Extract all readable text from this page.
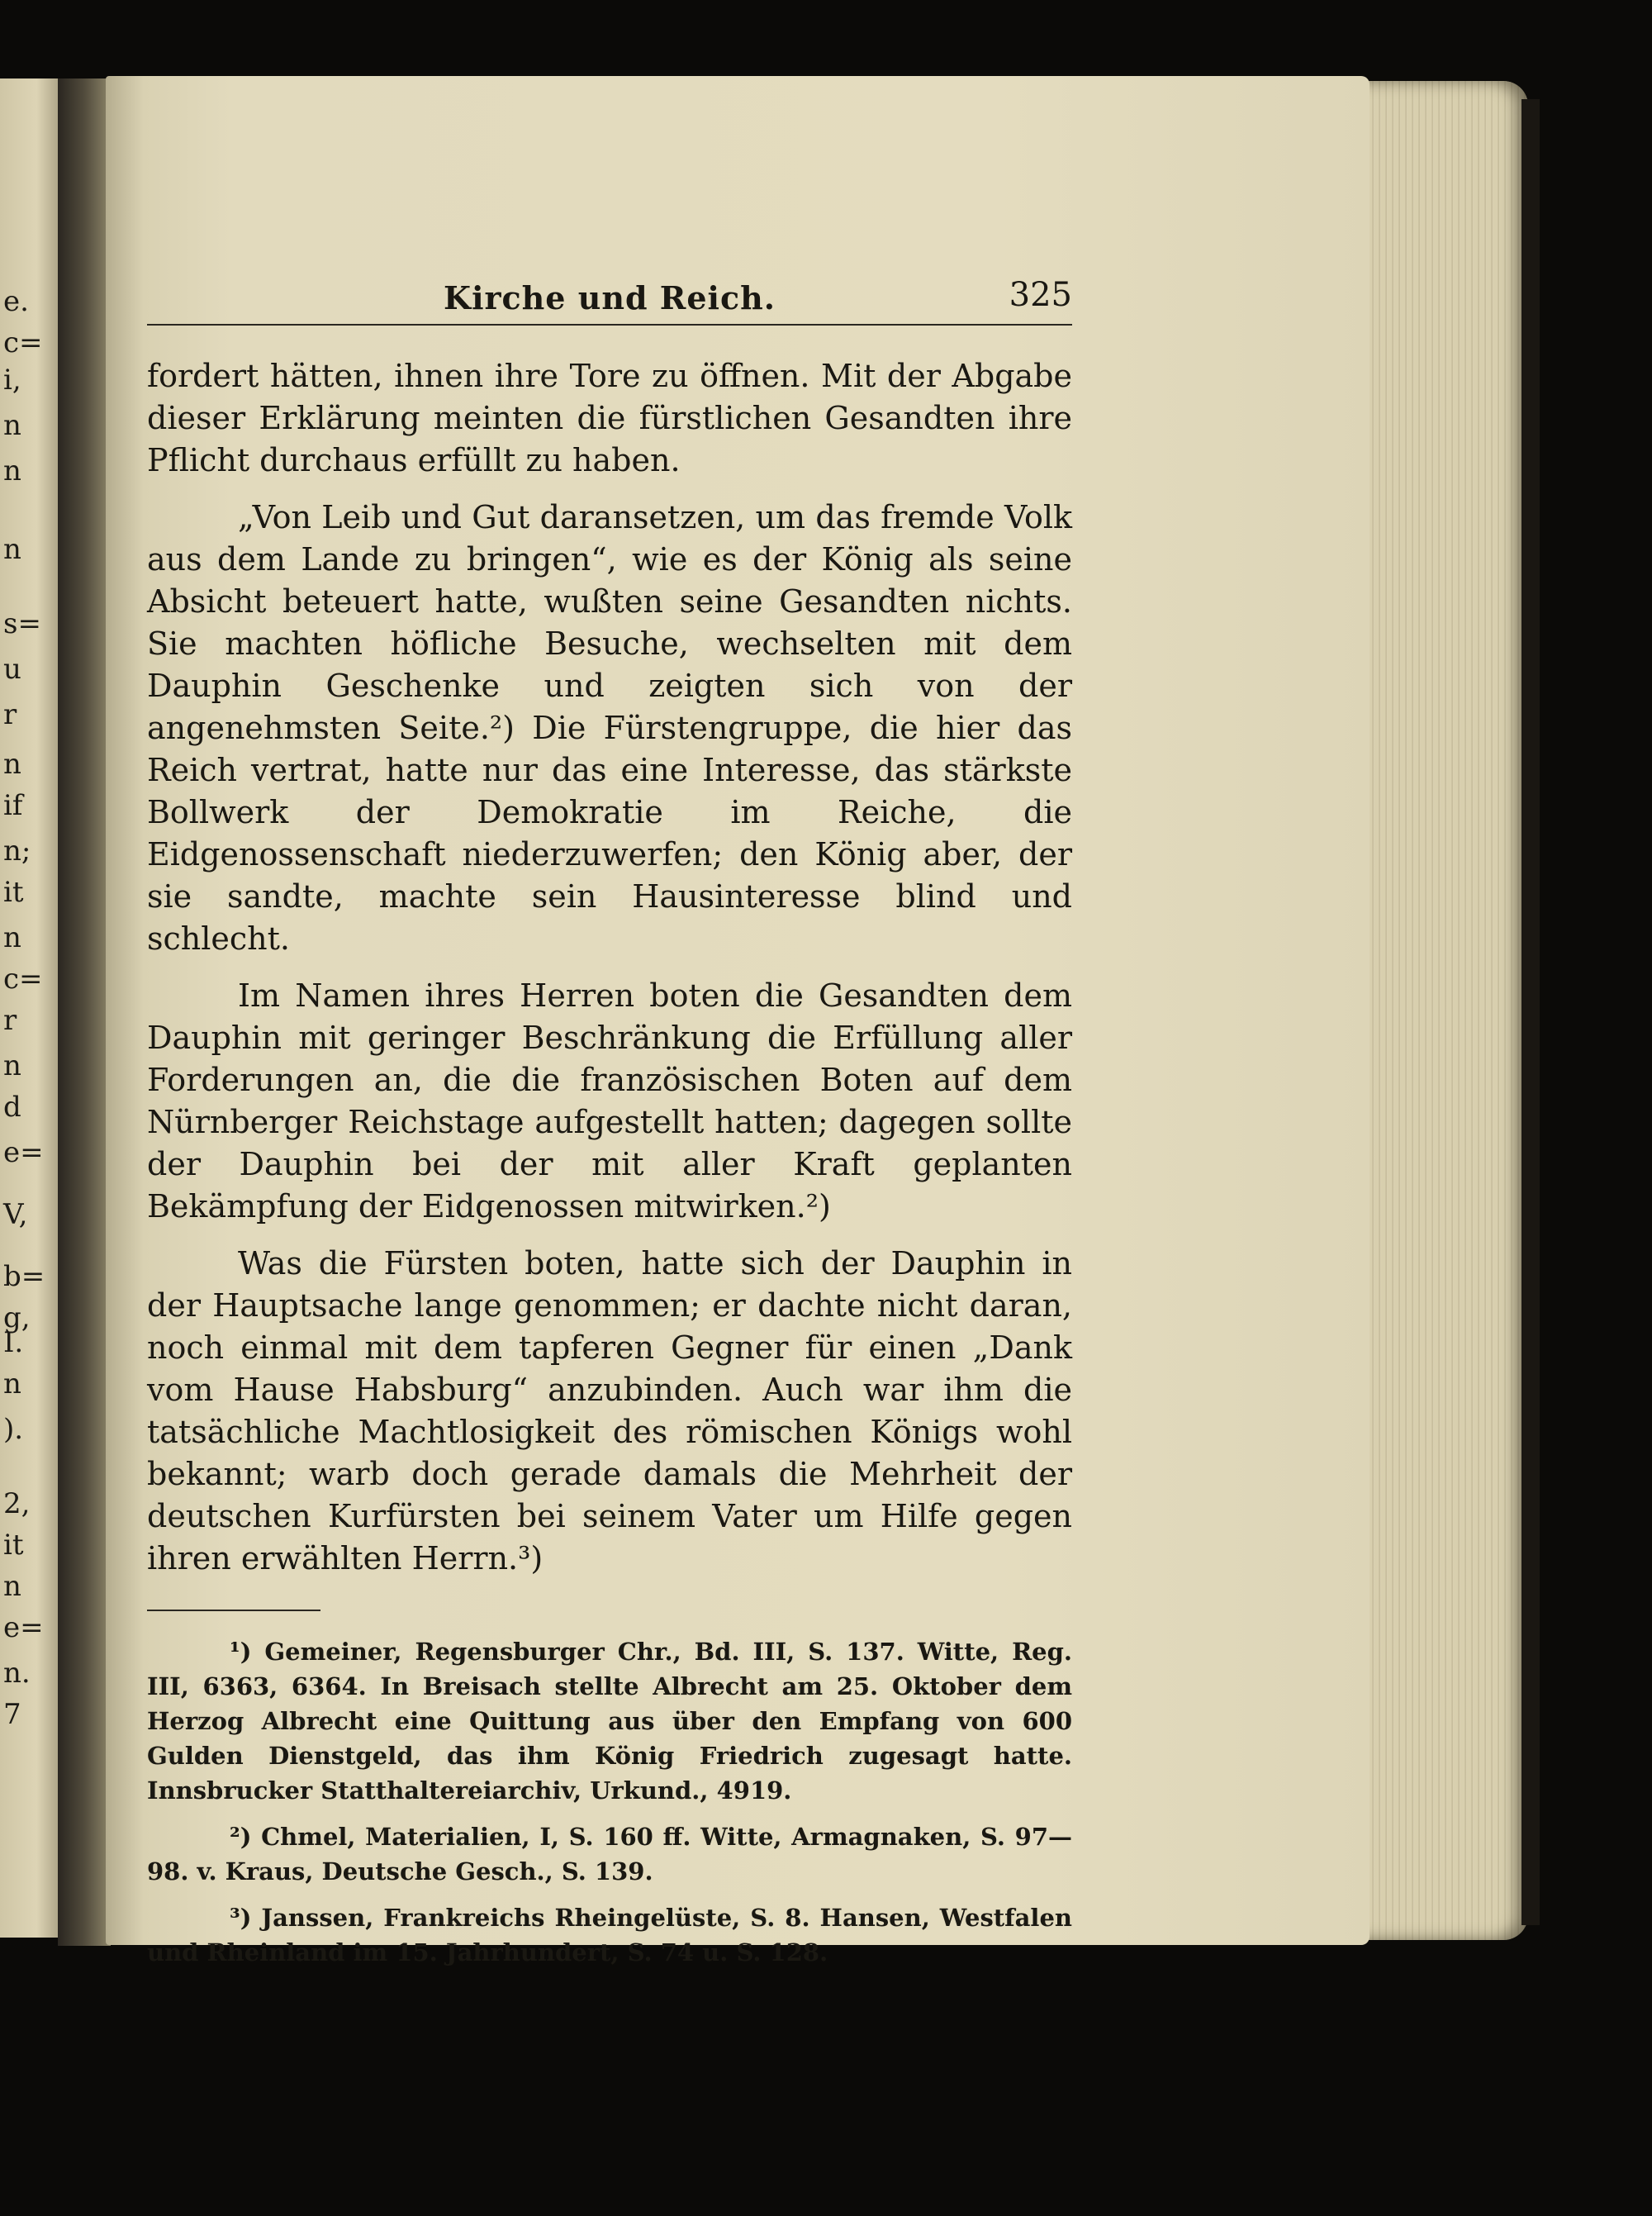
e.
c=
i,
n
n
n
s=
u
r
n
if
n;
it
n
c=
r
n
d
e=
V,
b=
g,
I.
n
).
2,
it
n
e=
n.
7
Kirche und Reich.	325

fordert hätten, ihnen ihre Tore zu öffnen. Mit der Abgabe dieser Erklärung meinten die fürstlichen Gesandten ihre Pflicht durchaus erfüllt zu haben.

„Von Leib und Gut daransetzen, um das fremde Volk aus dem Lande zu bringen“, wie es der König als seine Absicht beteuert hatte, wußten seine Gesandten nichts. Sie machten höfliche Besuche, wechselten mit dem Dauphin Geschenke und zeigten sich von der angenehmsten Seite.²) Die Fürstengruppe, die hier das Reich vertrat, hatte nur das eine Interesse, das stärkste Bollwerk der Demokratie im Reiche, die Eidgenossenschaft niederzuwerfen; den König aber, der sie sandte, machte sein Hausinteresse blind und schlecht.

Im Namen ihres Herren boten die Gesandten dem Dauphin mit geringer Beschränkung die Erfüllung aller Forderungen an, die die französischen Boten auf dem Nürnberger Reichstage aufgestellt hatten; dagegen sollte der Dauphin bei der mit aller Kraft geplanten Bekämpfung der Eidgenossen mitwirken.²)

Was die Fürsten boten, hatte sich der Dauphin in der Hauptsache lange genommen; er dachte nicht daran, noch einmal mit dem tapferen Gegner für einen „Dank vom Hause Habsburg“ anzubinden. Auch war ihm die tatsächliche Machtlosigkeit des römischen Königs wohl bekannt; warb doch gerade damals die Mehrheit der deutschen Kurfürsten bei seinem Vater um Hilfe gegen ihren erwählten Herrn.³)

¹) Gemeiner, Regensburger Chr., Bd. III, S. 137. Witte, Reg. III, 6363, 6364. In Breisach stellte Albrecht am 25. Oktober dem Herzog Albrecht eine Quittung aus über den Empfang von 600 Gulden Dienstgeld, das ihm König Friedrich zugesagt hatte. Innsbrucker Statthaltereiarchiv, Urkund., 4919.

²) Chmel, Materialien, I, S. 160 ff. Witte, Armagnaken, S. 97—98. v. Kraus, Deutsche Gesch., S. 139.

³) Janssen, Frankreichs Rheingelüste, S. 8. Hansen, Westfalen und Rheinland im 15. Jahrhundert, S. 74 u. S. 128.
